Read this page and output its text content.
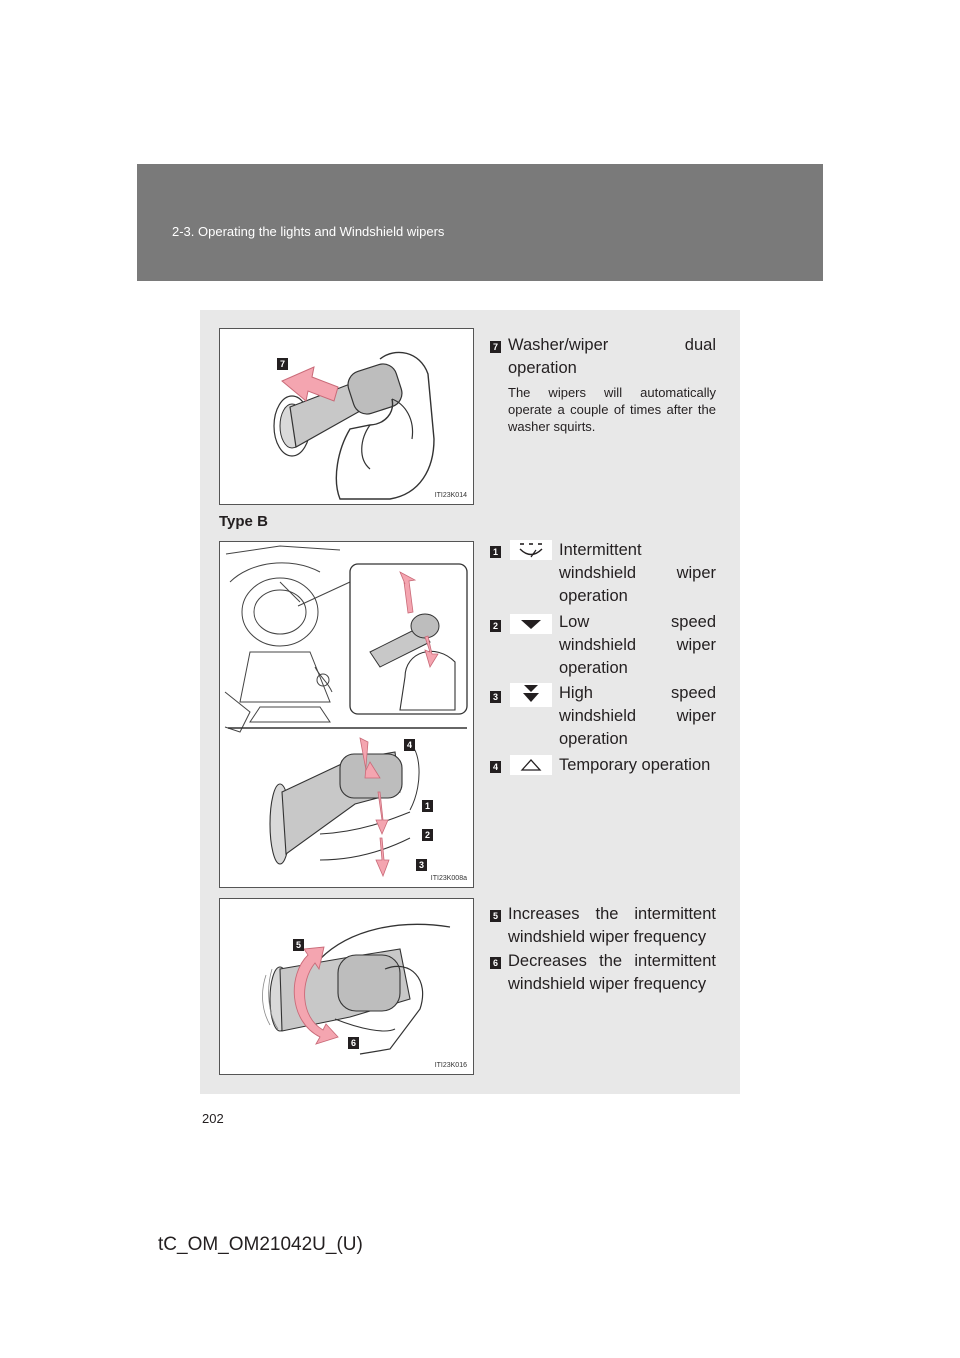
2-3. Operating the lights and Windshield wipers
7
ITI23K014
7 Washer/wiper dual operation
The wipers will automatically operate a couple of times after the washer squirts.
Type B
4
1
2
3
ITI23K008a
1	Intermittent windshield wiper operation
2	Low speed windshield wiper operation
3	High speed windshield wiper operation
4	Temporary operation
5
6
ITI23K016
5 Increases the intermittent windshield wiper frequency
6 Decreases the intermittent windshield wiper frequency
202
tC_OM_OM21042U_(U)
